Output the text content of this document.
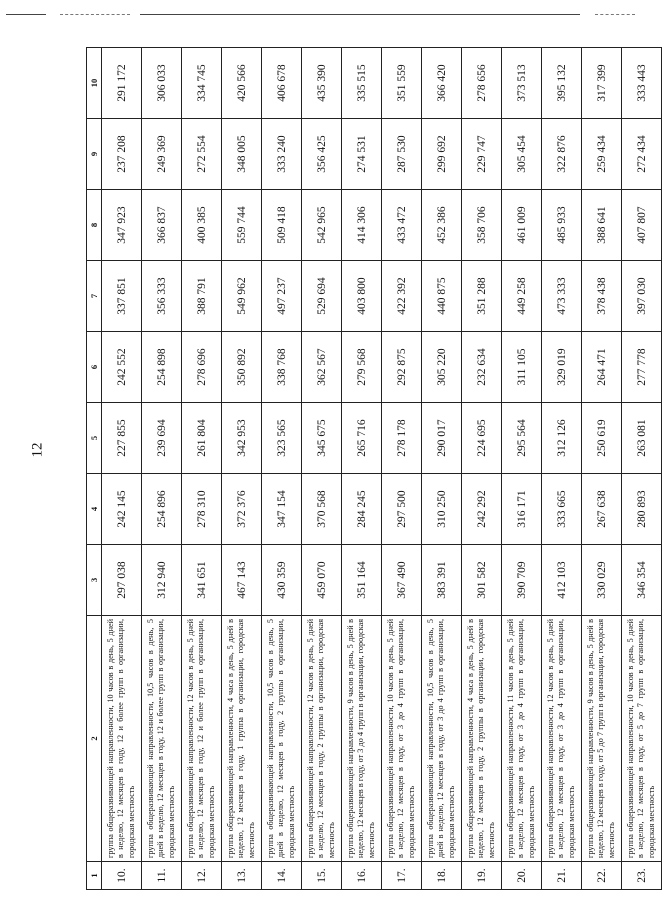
12
1	2	3	4	5	6	7	8	9	10
10.	группа общеразвивающей направленности, 10 часов в день, 5 дней в неделю, 12 месяцев в году, 12 и более групп в организации, городская местность	297 038	242 145	227 855	242 552	337 851	347 923	237 208	291 172
11.	группа общеразвивающей направленности, 10,5 часов в день, 5 дней в неделю, 12 месяцев в году, 12 и более групп в организации, городская местность	312 940	254 896	239 694	254 898	356 333	366 837	249 369	306 033
12.	группа общеразвивающей направленности, 12 часов в день, 5 дней в неделю, 12 месяцев в году, 12 и более групп в организации, городская местность	341 651	278 310	261 804	278 696	388 791	400 385	272 554	334 745
13.	группа общеразвивающей направленности, 4 часа в день, 5 дней в неделю, 12 месяцев в году, 1 группа в организации, городская местность	467 143	372 376	342 953	350 892	549 962	559 744	348 005	420 566
14.	группа общеразвивающей направленности, 10,5 часов в день, 5 дней в неделю, 12 месяцев в году, 2 группы в организации, городская местность	430 359	347 154	323 565	338 768	497 237	509 418	333 240	406 678
15.	группа общеразвивающей направленности, 12 часов в день, 5 дней в неделю, 12 месяцев в году, 2 группы в организации, городская местность	459 070	370 568	345 675	362 567	529 694	542 965	356 425	435 390
16.	группа общеразвивающей направленности, 9 часов в день, 5 дней в неделю, 12 месяцев в году, от 3 до 4 групп в организации, городская местность	351 164	284 245	265 716	279 568	403 800	414 306	274 531	335 515
17.	группа общеразвивающей направленности, 10 часов в день, 5 дней в неделю, 12 месяцев в году, от 3 до 4 групп в организации, городская местность	367 490	297 500	278 178	292 875	422 392	433 472	287 530	351 559
18.	группа общеразвивающей направленности, 10,5 часов в день, 5 дней в неделю, 12 месяцев в году, от 3 до 4 групп в организации, городская местность	383 391	310 250	290 017	305 220	440 875	452 386	299 692	366 420
19.	группа общеразвивающей направленности, 4 часа в день, 5 дней в неделю, 12 месяцев в году, 2 группы в организации, городская местность	301 582	242 292	224 695	232 634	351 288	358 706	229 747	278 656
20.	группа общеразвивающей направленности, 11 часов в день, 5 дней в неделю, 12 месяцев в году, от 3 до 4 групп в организации, городская местность	390 709	316 171	295 564	311 105	449 258	461 009	305 454	373 513
21.	группа общеразвивающей направленности, 12 часов в день, 5 дней в неделю, 12 месяцев в году, от 3 до 4 групп в организации, городская местность	412 103	333 665	312 126	329 019	473 333	485 933	322 876	395 132
22.	группа общеразвивающей направленности, 9 часов в день, 5 дней в неделю, 12 месяцев в году, от 5 до 7 групп в организации, городская местность	330 029	267 638	250 619	264 471	378 438	388 641	259 434	317 399
23.	группа общеразвивающей направленности, 10 часов в день, 5 дней в неделю, 12 месяцев в году, от 5 до 7 групп в организации, городская местность	346 354	280 893	263 081	277 778	397 030	407 807	272 434	333 443
